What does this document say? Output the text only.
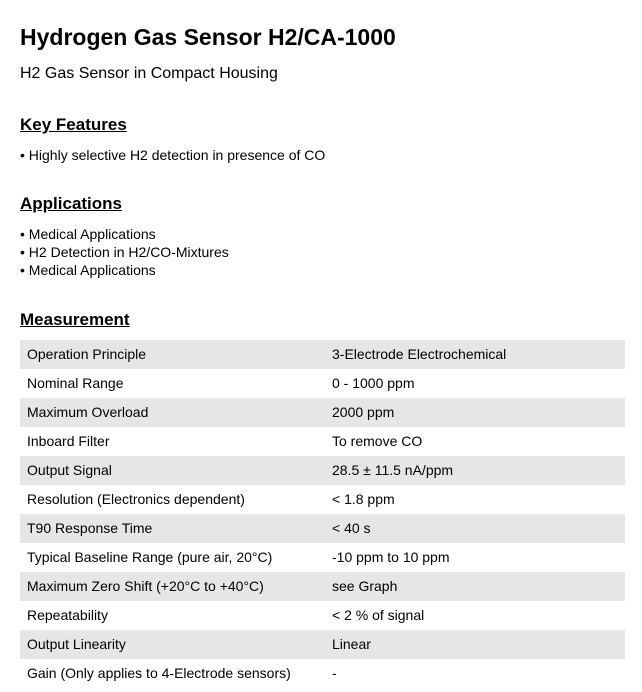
Hydrogen Gas Sensor H2/CA-1000
H2 Gas Sensor in Compact Housing
Key Features
• Highly selective H2 detection in presence of CO
Applications
• Medical Applications
• H2 Detection in H2/CO-Mixtures
• Medical Applications
Measurement
Operation Principle	3-Electrode Electrochemical
Nominal Range	0 - 1000 ppm
Maximum Overload	2000 ppm
Inboard Filter	To remove CO
Output Signal	28.5 ± 11.5 nA/ppm
Resolution (Electronics dependent)	< 1.8 ppm
T90 Response Time	< 40 s
Typical Baseline Range (pure air, 20°C)	-10 ppm to 10 ppm
Maximum Zero Shift (+20°C to +40°C)	see Graph
Repeatability	< 2 % of signal
Output Linearity	Linear
Gain (Only applies to 4-Electrode sensors)	-
